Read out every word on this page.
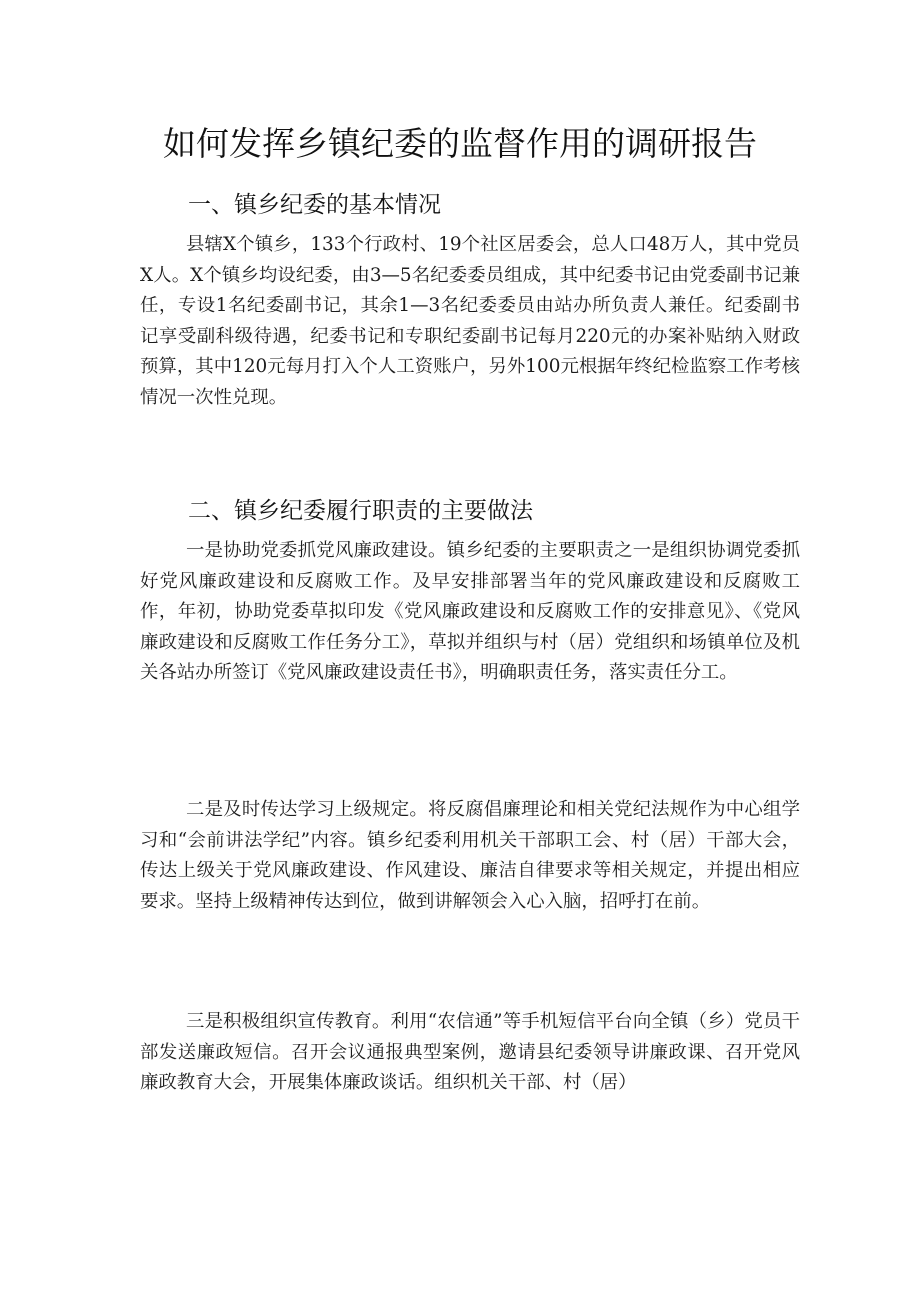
如何发挥乡镇纪委的监督作用的调研报告
一、镇乡纪委的基本情况

县辖X个镇乡，133个行政村、19个社区居委会，总人口48万人，其中党员X人。X个镇乡均设纪委，由3—5名纪委委员组成，其中纪委书记由党委副书记兼任，专设1名纪委副书记，其余1—3名纪委委员由站办所负责人兼任。纪委副书记享受副科级待遇，纪委书记和专职纪委副书记每月220元的办案补贴纳入财政预算，其中120元每月打入个人工资账户，另外100元根据年终纪检监察工作考核情况一次性兑现。

二、镇乡纪委履行职责的主要做法

一是协助党委抓党风廉政建设。镇乡纪委的主要职责之一是组织协调党委抓好党风廉政建设和反腐败工作。及早安排部署当年的党风廉政建设和反腐败工作，年初，协助党委草拟印发《党风廉政建设和反腐败工作的安排意见》、《党风廉政建设和反腐败工作任务分工》，草拟并组织与村（居）党组织和场镇单位及机关各站办所签订《党风廉政建设责任书》，明确职责任务，落实责任分工。

二是及时传达学习上级规定。将反腐倡廉理论和相关党纪法规作为中心组学习和“会前讲法学纪”内容。镇乡纪委利用机关干部职工会、村（居）干部大会，传达上级关于党风廉政建设、作风建设、廉洁自律要求等相关规定，并提出相应要求。坚持上级精神传达到位，做到讲解领会入心入脑，招呼打在前。

三是积极组织宣传教育。利用“农信通”等手机短信平台向全镇（乡）党员干部发送廉政短信。召开会议通报典型案例，邀请县纪委领导讲廉政课、召开党风廉政教育大会，开展集体廉政谈话。组织机关干部、村（居）
